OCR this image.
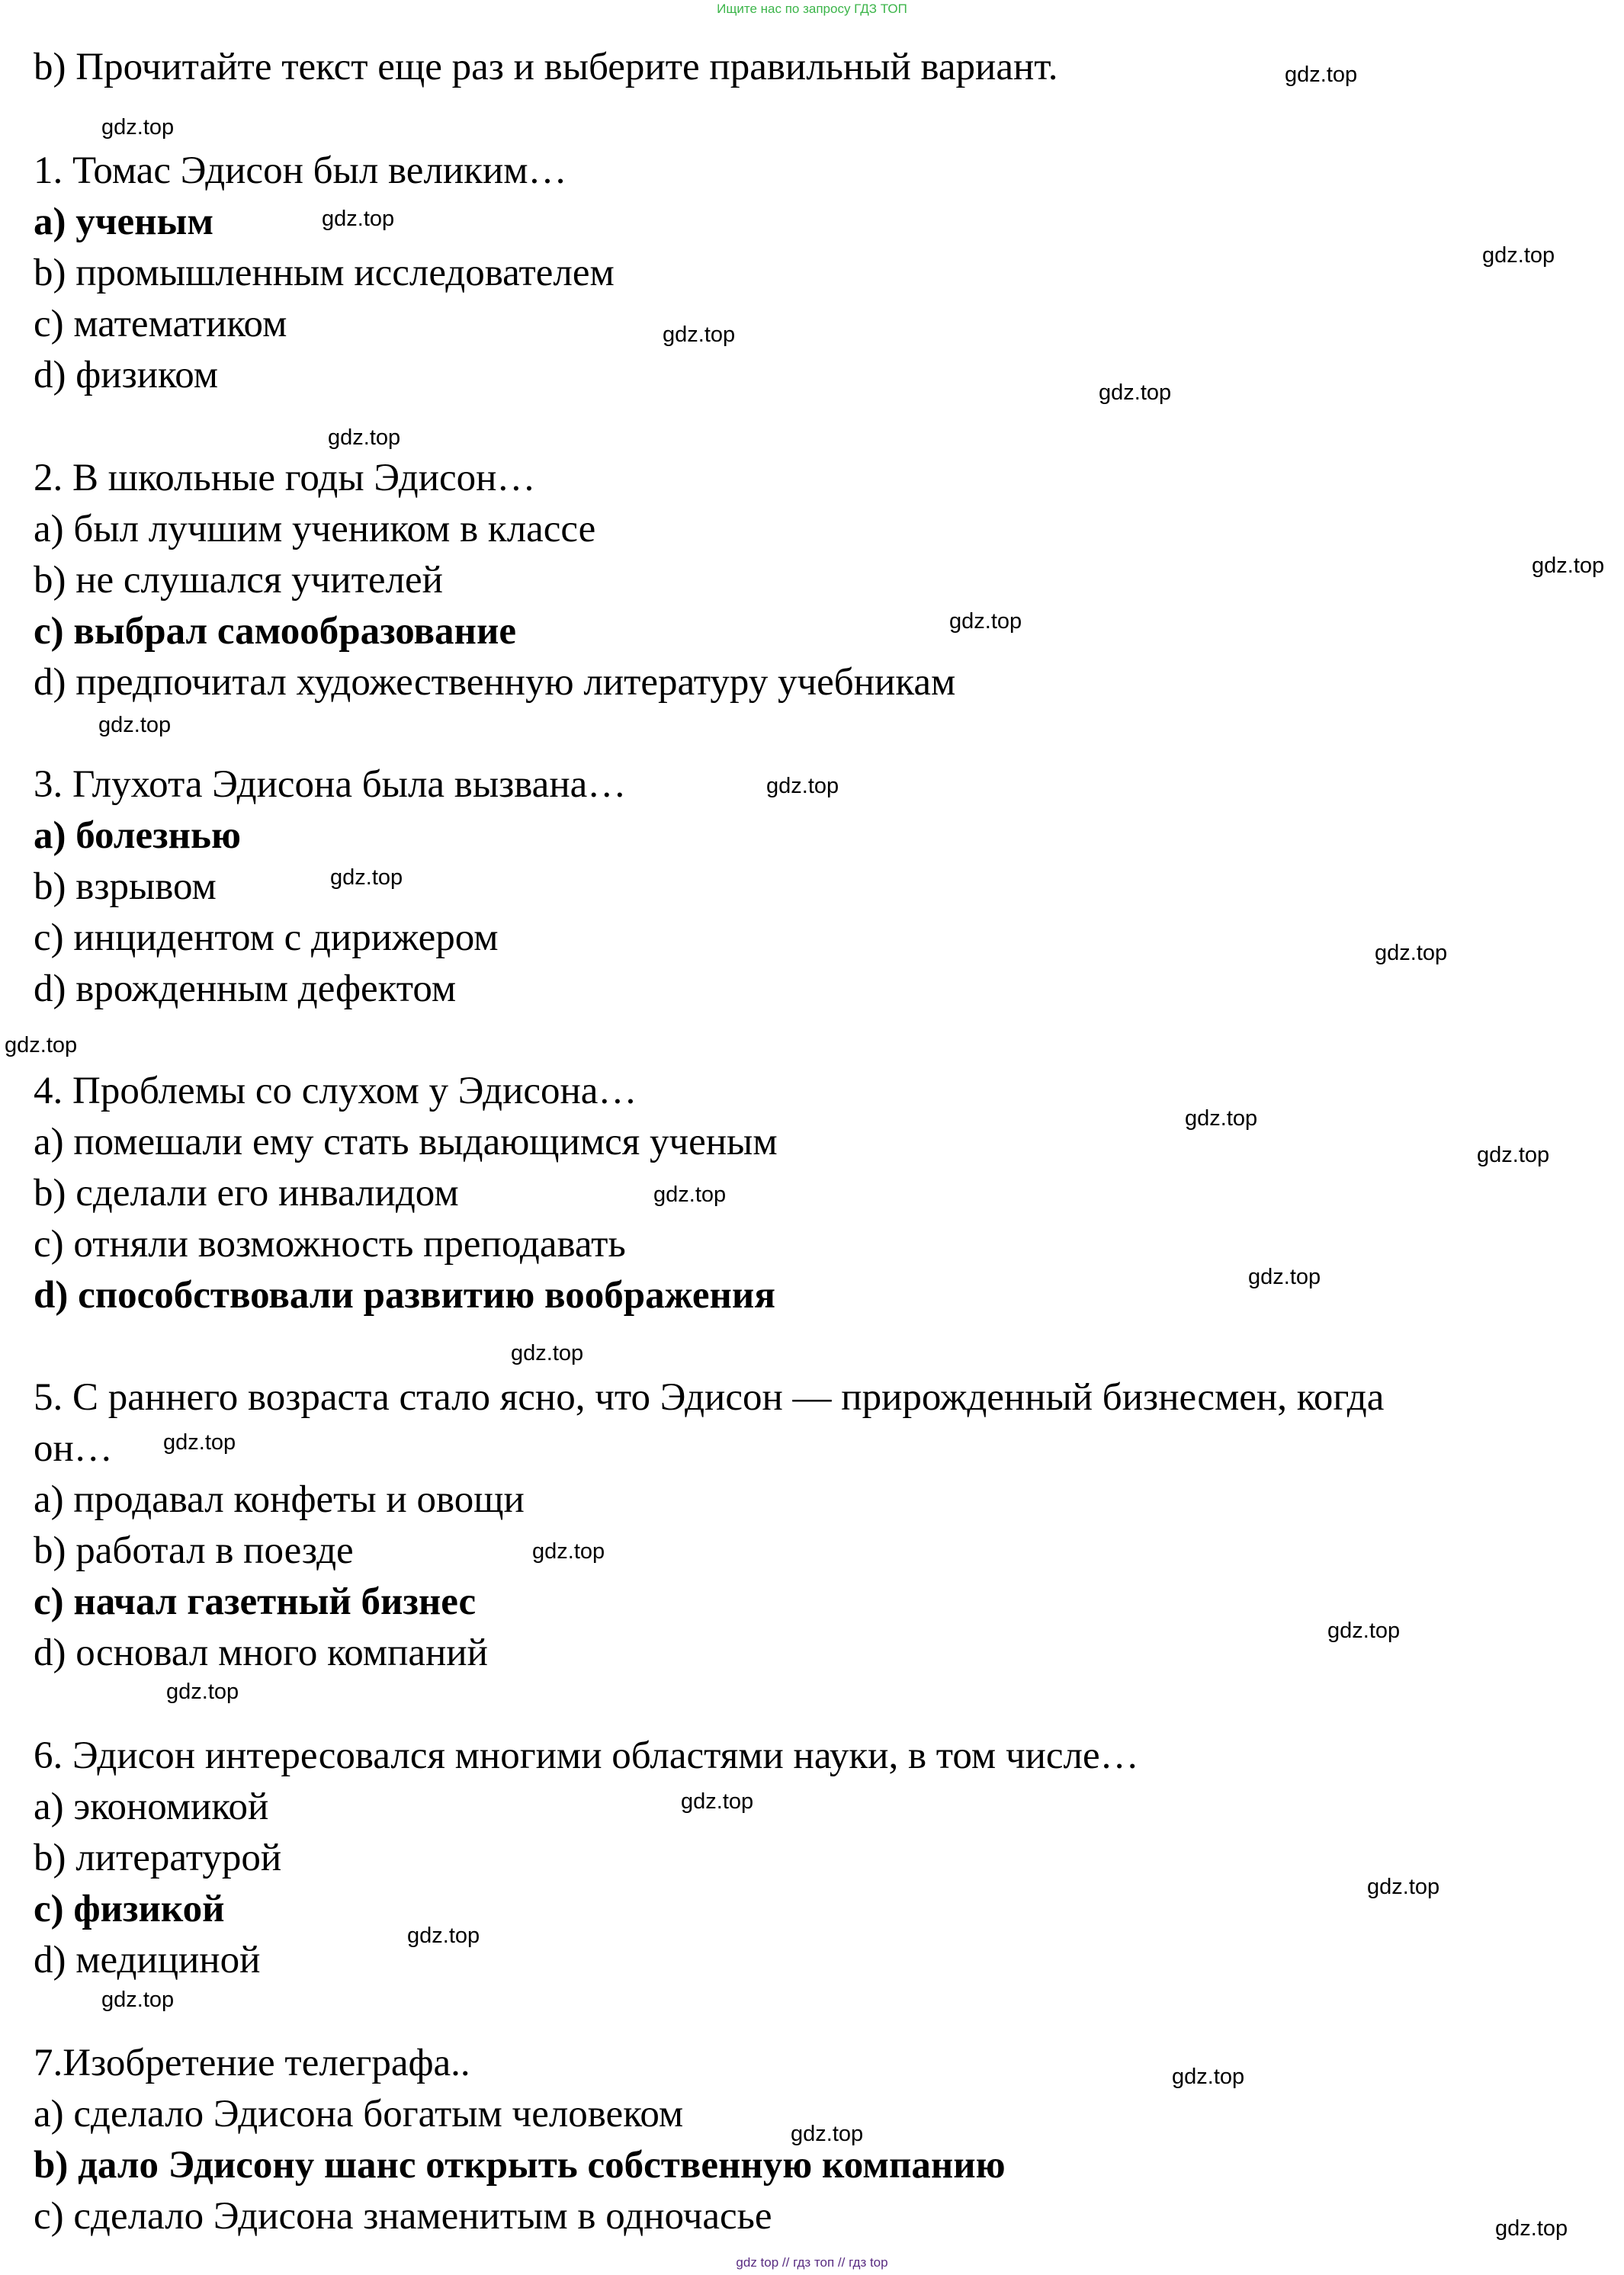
Ищите нас по запросу ГДЗ ТОП
b) Прочитайте текст еще раз и выберите правильный вариант.
1. Томас Эдисон был великим…
a) ученым
b) промышленным исследователем
c) математиком
d) физиком
2. В школьные годы Эдисон…
a) был лучшим учеником в классе
b) не слушался учителей
c) выбрал самообразование
d) предпочитал художественную литературу учебникам
3. Глухота Эдисона была вызвана…
a) болезнью
b) взрывом
c) инцидентом с дирижером
d) врожденным дефектом
4. Проблемы со слухом у Эдисона…
a) помешали ему стать выдающимся ученым
b) сделали его инвалидом
c) отняли возможность преподавать
d) способствовали развитию воображения
5. С раннего возраста стало ясно, что Эдисон — прирожденный бизнесмен, когда
он…
a) продавал конфеты и овощи
b) работал в поезде
c) начал газетный бизнес
d) основал много компаний
6. Эдисон интересовался многими областями науки, в том числе…
a) экономикой
b) литературой
c) физикой
d) медициной
7.Изобретение телеграфа..
a) сделало Эдисона богатым человеком
b) дало Эдисону шанс открыть собственную компанию
c) сделало Эдисона знаменитым в одночасье
gdz.top
gdz.top
gdz.top
gdz.top
gdz.top
gdz.top
gdz.top
gdz.top
gdz.top
gdz.top
gdz.top
gdz.top
gdz.top
gdz.top
gdz.top
gdz.top
gdz.top
gdz.top
gdz.top
gdz.top
gdz.top
gdz.top
gdz.top
gdz.top
gdz.top
gdz.top
gdz.top
gdz.top
gdz.top
gdz.top
gdz top // гдз топ // гдз top
